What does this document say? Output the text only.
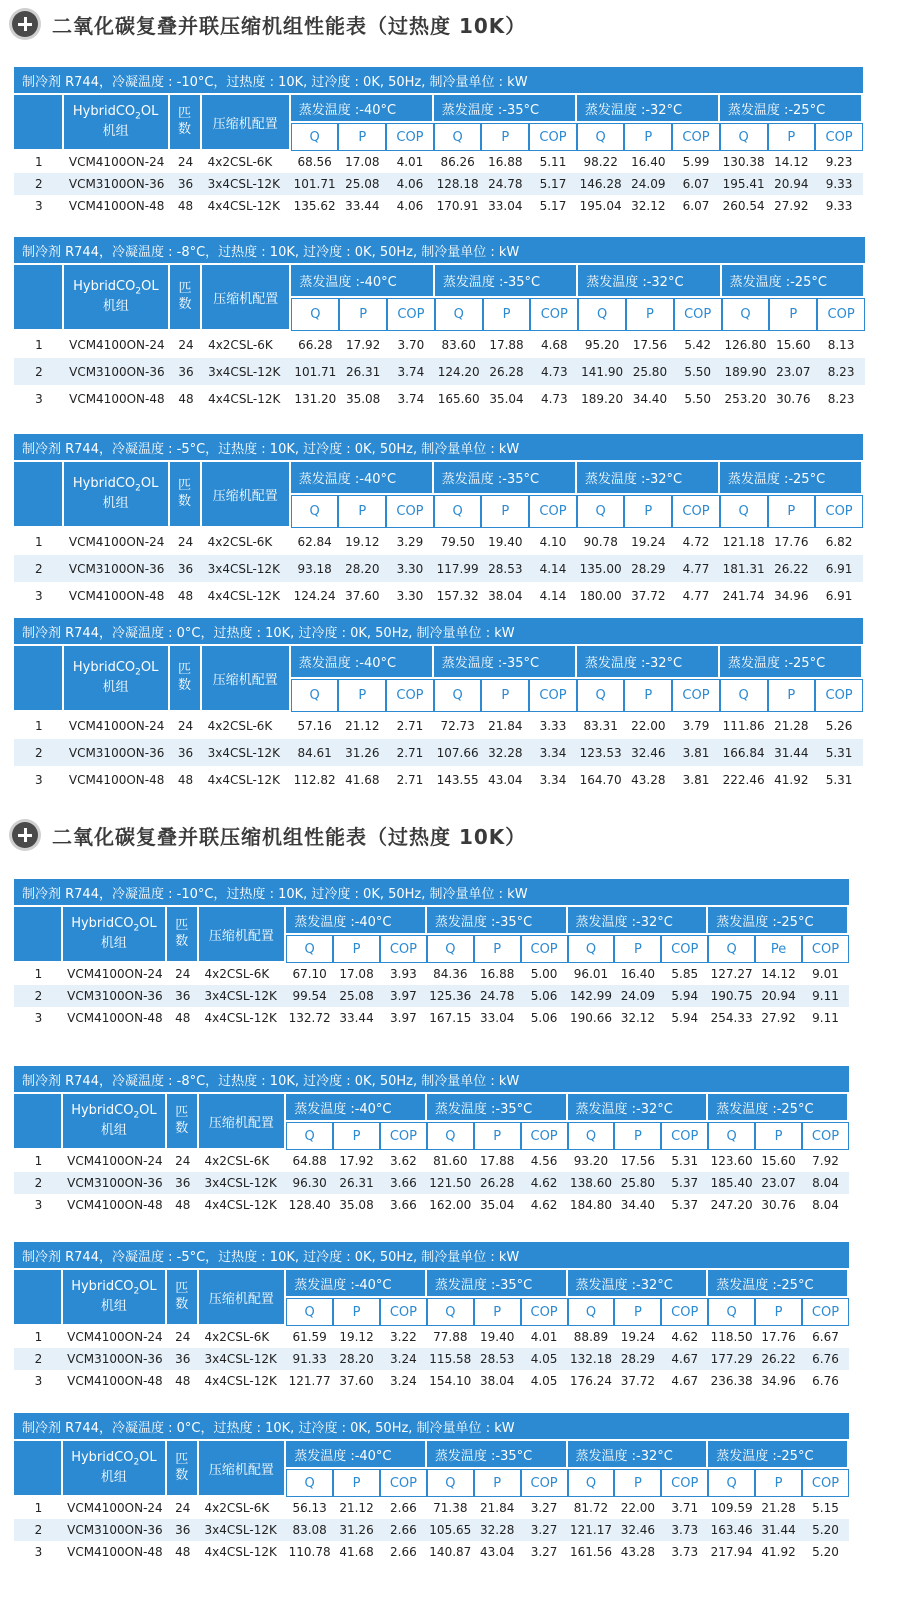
二氧化碳复叠并联压缩机组性能表（过热度 10K）
二氧化碳复叠并联压缩机组性能表（过热度 10K）
制冷剂 R744，冷凝温度 : -10°C，过热度 : 10K, 过冷度 : 0K, 50Hz, 制冷量单位 : kW															
	HybridCO$_2$OL
机组	匹
数	压缩机配置	蒸发温度 :-40°C			蒸发温度 :-35°C			蒸发温度 :-32°C			蒸发温度 :-25°C		
				Q	P	COP	Q	P	COP	Q	P	COP	Q	P	COP
1	VCM4100ON-24	24	4x2CSL-6K	68.56	17.08	4.01	86.26	16.88	5.11	98.22	16.40	5.99	130.38	14.12	9.23
2	VCM3100ON-36	36	3x4CSL-12K	101.71	25.08	4.06	128.18	24.78	5.17	146.28	24.09	6.07	195.41	20.94	9.33
3	VCM4100ON-48	48	4x4CSL-12K	135.62	33.44	4.06	170.91	33.04	5.17	195.04	32.12	6.07	260.54	27.92	9.33
制冷剂 R744，冷凝温度 : -8°C，过热度 : 10K, 过冷度 : 0K, 50Hz, 制冷量单位 : kW															
	HybridCO$_2$OL
机组	匹
数	压缩机配置	蒸发温度 :-40°C			蒸发温度 :-35°C			蒸发温度 :-32°C			蒸发温度 :-25°C		
				Q	P	COP	Q	P	COP	Q	P	COP	Q	P	COP
1	VCM4100ON-24	24	4x2CSL-6K	66.28	17.92	3.70	83.60	17.88	4.68	95.20	17.56	5.42	126.80	15.60	8.13
2	VCM3100ON-36	36	3x4CSL-12K	101.71	26.31	3.74	124.20	26.28	4.73	141.90	25.80	5.50	189.90	23.07	8.23
3	VCM4100ON-48	48	4x4CSL-12K	131.20	35.08	3.74	165.60	35.04	4.73	189.20	34.40	5.50	253.20	30.76	8.23
制冷剂 R744，冷凝温度 : -5°C，过热度 : 10K, 过冷度 : 0K, 50Hz, 制冷量单位 : kW															
	HybridCO$_2$OL
机组	匹
数	压缩机配置	蒸发温度 :-40°C			蒸发温度 :-35°C			蒸发温度 :-32°C			蒸发温度 :-25°C		
				Q	P	COP	Q	P	COP	Q	P	COP	Q	P	COP
1	VCM4100ON-24	24	4x2CSL-6K	62.84	19.12	3.29	79.50	19.40	4.10	90.78	19.24	4.72	121.18	17.76	6.82
2	VCM3100ON-36	36	3x4CSL-12K	93.18	28.20	3.30	117.99	28.53	4.14	135.00	28.29	4.77	181.31	26.22	6.91
3	VCM4100ON-48	48	4x4CSL-12K	124.24	37.60	3.30	157.32	38.04	4.14	180.00	37.72	4.77	241.74	34.96	6.91
制冷剂 R744，冷凝温度 : 0°C，过热度 : 10K, 过冷度 : 0K, 50Hz, 制冷量单位 : kW															
	HybridCO$_2$OL
机组	匹
数	压缩机配置	蒸发温度 :-40°C			蒸发温度 :-35°C			蒸发温度 :-32°C			蒸发温度 :-25°C		
				Q	P	COP	Q	P	COP	Q	P	COP	Q	P	COP
1	VCM4100ON-24	24	4x2CSL-6K	57.16	21.12	2.71	72.73	21.84	3.33	83.31	22.00	3.79	111.86	21.28	5.26
2	VCM3100ON-36	36	3x4CSL-12K	84.61	31.26	2.71	107.66	32.28	3.34	123.53	32.46	3.81	166.84	31.44	5.31
3	VCM4100ON-48	48	4x4CSL-12K	112.82	41.68	2.71	143.55	43.04	3.34	164.70	43.28	3.81	222.46	41.92	5.31
制冷剂 R744，冷凝温度 : -10°C，过热度 : 10K, 过冷度 : 0K, 50Hz, 制冷量单位 : kW															
	HybridCO$_2$OL
机组	匹
数	压缩机配置	蒸发温度 :-40°C			蒸发温度 :-35°C			蒸发温度 :-32°C			蒸发温度 :-25°C		
				Q	P	COP	Q	P	COP	Q	P	COP	Q	Pe	COP
1	VCM4100ON-24	24	4x2CSL-6K	67.10	17.08	3.93	84.36	16.88	5.00	96.01	16.40	5.85	127.27	14.12	9.01
2	VCM3100ON-36	36	3x4CSL-12K	99.54	25.08	3.97	125.36	24.78	5.06	142.99	24.09	5.94	190.75	20.94	9.11
3	VCM4100ON-48	48	4x4CSL-12K	132.72	33.44	3.97	167.15	33.04	5.06	190.66	32.12	5.94	254.33	27.92	9.11
制冷剂 R744，冷凝温度 : -8°C，过热度 : 10K, 过冷度 : 0K, 50Hz, 制冷量单位 : kW															
	HybridCO$_2$OL
机组	匹
数	压缩机配置	蒸发温度 :-40°C			蒸发温度 :-35°C			蒸发温度 :-32°C			蒸发温度 :-25°C		
				Q	P	COP	Q	P	COP	Q	P	COP	Q	P	COP
1	VCM4100ON-24	24	4x2CSL-6K	64.88	17.92	3.62	81.60	17.88	4.56	93.20	17.56	5.31	123.60	15.60	7.92
2	VCM3100ON-36	36	3x4CSL-12K	96.30	26.31	3.66	121.50	26.28	4.62	138.60	25.80	5.37	185.40	23.07	8.04
3	VCM4100ON-48	48	4x4CSL-12K	128.40	35.08	3.66	162.00	35.04	4.62	184.80	34.40	5.37	247.20	30.76	8.04
制冷剂 R744，冷凝温度 : -5°C，过热度 : 10K, 过冷度 : 0K, 50Hz, 制冷量单位 : kW															
	HybridCO$_2$OL
机组	匹
数	压缩机配置	蒸发温度 :-40°C			蒸发温度 :-35°C			蒸发温度 :-32°C			蒸发温度 :-25°C		
				Q	P	COP	Q	P	COP	Q	P	COP	Q	P	COP
1	VCM4100ON-24	24	4x2CSL-6K	61.59	19.12	3.22	77.88	19.40	4.01	88.89	19.24	4.62	118.50	17.76	6.67
2	VCM3100ON-36	36	3x4CSL-12K	91.33	28.20	3.24	115.58	28.53	4.05	132.18	28.29	4.67	177.29	26.22	6.76
3	VCM4100ON-48	48	4x4CSL-12K	121.77	37.60	3.24	154.10	38.04	4.05	176.24	37.72	4.67	236.38	34.96	6.76
制冷剂 R744，冷凝温度 : 0°C，过热度 : 10K, 过冷度 : 0K, 50Hz, 制冷量单位 : kW															
	HybridCO$_2$OL
机组	匹
数	压缩机配置	蒸发温度 :-40°C			蒸发温度 :-35°C			蒸发温度 :-32°C			蒸发温度 :-25°C		
				Q	P	COP	Q	P	COP	Q	P	COP	Q	P	COP
1	VCM4100ON-24	24	4x2CSL-6K	56.13	21.12	2.66	71.38	21.84	3.27	81.72	22.00	3.71	109.59	21.28	5.15
2	VCM3100ON-36	36	3x4CSL-12K	83.08	31.26	2.66	105.65	32.28	3.27	121.17	32.46	3.73	163.46	31.44	5.20
3	VCM4100ON-48	48	4x4CSL-12K	110.78	41.68	2.66	140.87	43.04	3.27	161.56	43.28	3.73	217.94	41.92	5.20
